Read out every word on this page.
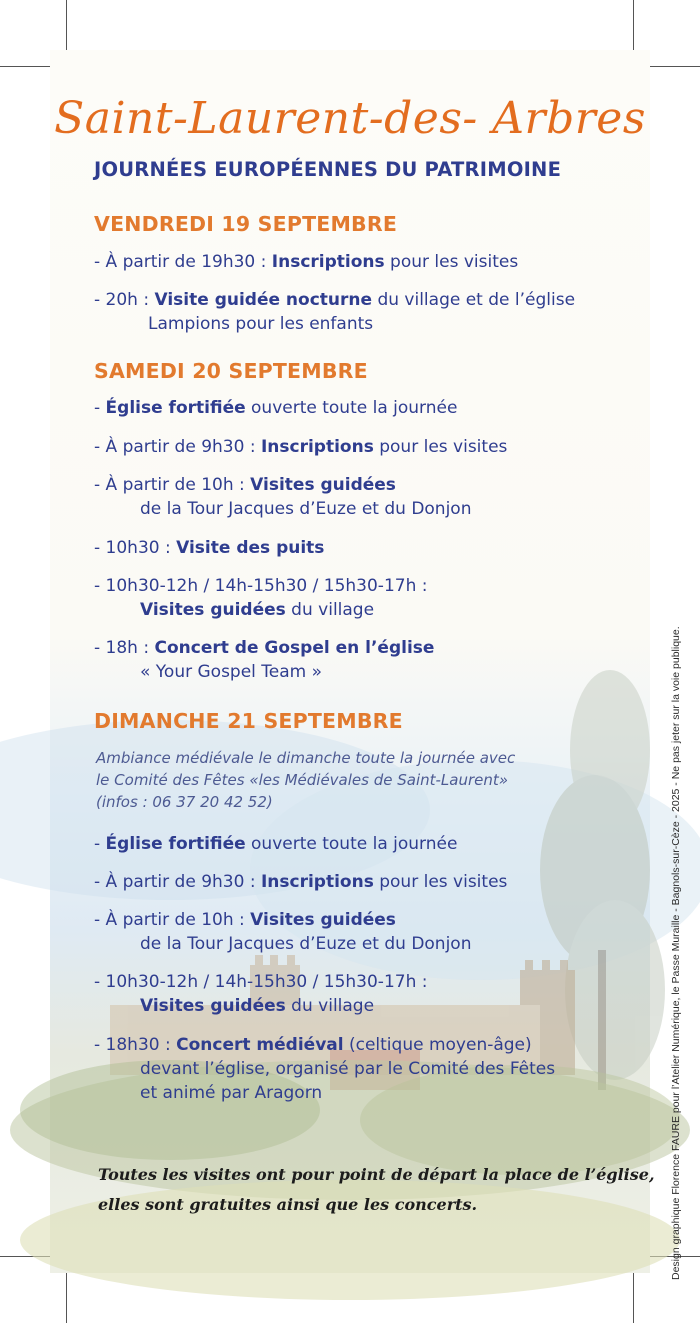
Saint-Laurent-des- Arbres
JOURNÉES EUROPÉENNES DU PATRIMOINE
VENDREDI 19 SEPTEMBRE

- À partir de 19h30 : Inscriptions pour les visites

- 20h : Visite guidée nocturne du village et de l’église
Lampions pour les enfants

SAMEDI 20 SEPTEMBRE

- Église fortifiée ouverte toute la journée

- À partir de 9h30 : Inscriptions pour les visites

- À partir de 10h : Visites guidées
de la Tour Jacques d’Euze et du Donjon

- 10h30 : Visite des puits

- 10h30-12h / 14h-15h30 / 15h30-17h :
Visites guidées du village

- 18h : Concert de Gospel en l’église
« Your Gospel Team »

DIMANCHE 21 SEPTEMBRE

Ambiance médiévale le dimanche toute la journée avec
le Comité des Fêtes «les Médiévales de Saint-Laurent»
(infos : 06 37 20 42 52)

- Église fortifiée ouverte toute la journée

- À partir de 9h30 : Inscriptions pour les visites

- À partir de 10h : Visites guidées
de la Tour Jacques d’Euze et du Donjon

- 10h30-12h / 14h-15h30 / 15h30-17h :
Visites guidées du village

- 18h30 : Concert médiéval (celtique moyen-âge)
devant l’église, organisé par le Comité des Fêtes
et animé par Aragorn

Toutes les visites ont pour point de départ la place de l’église,
elles sont gratuites ainsi que les concerts.	Design graphique Florence FAURE pour l’Atelier Numérique, le Passe Muraille - Bagnols-sur-Cèze - 2025 - Ne pas jeter sur la voie publique.
